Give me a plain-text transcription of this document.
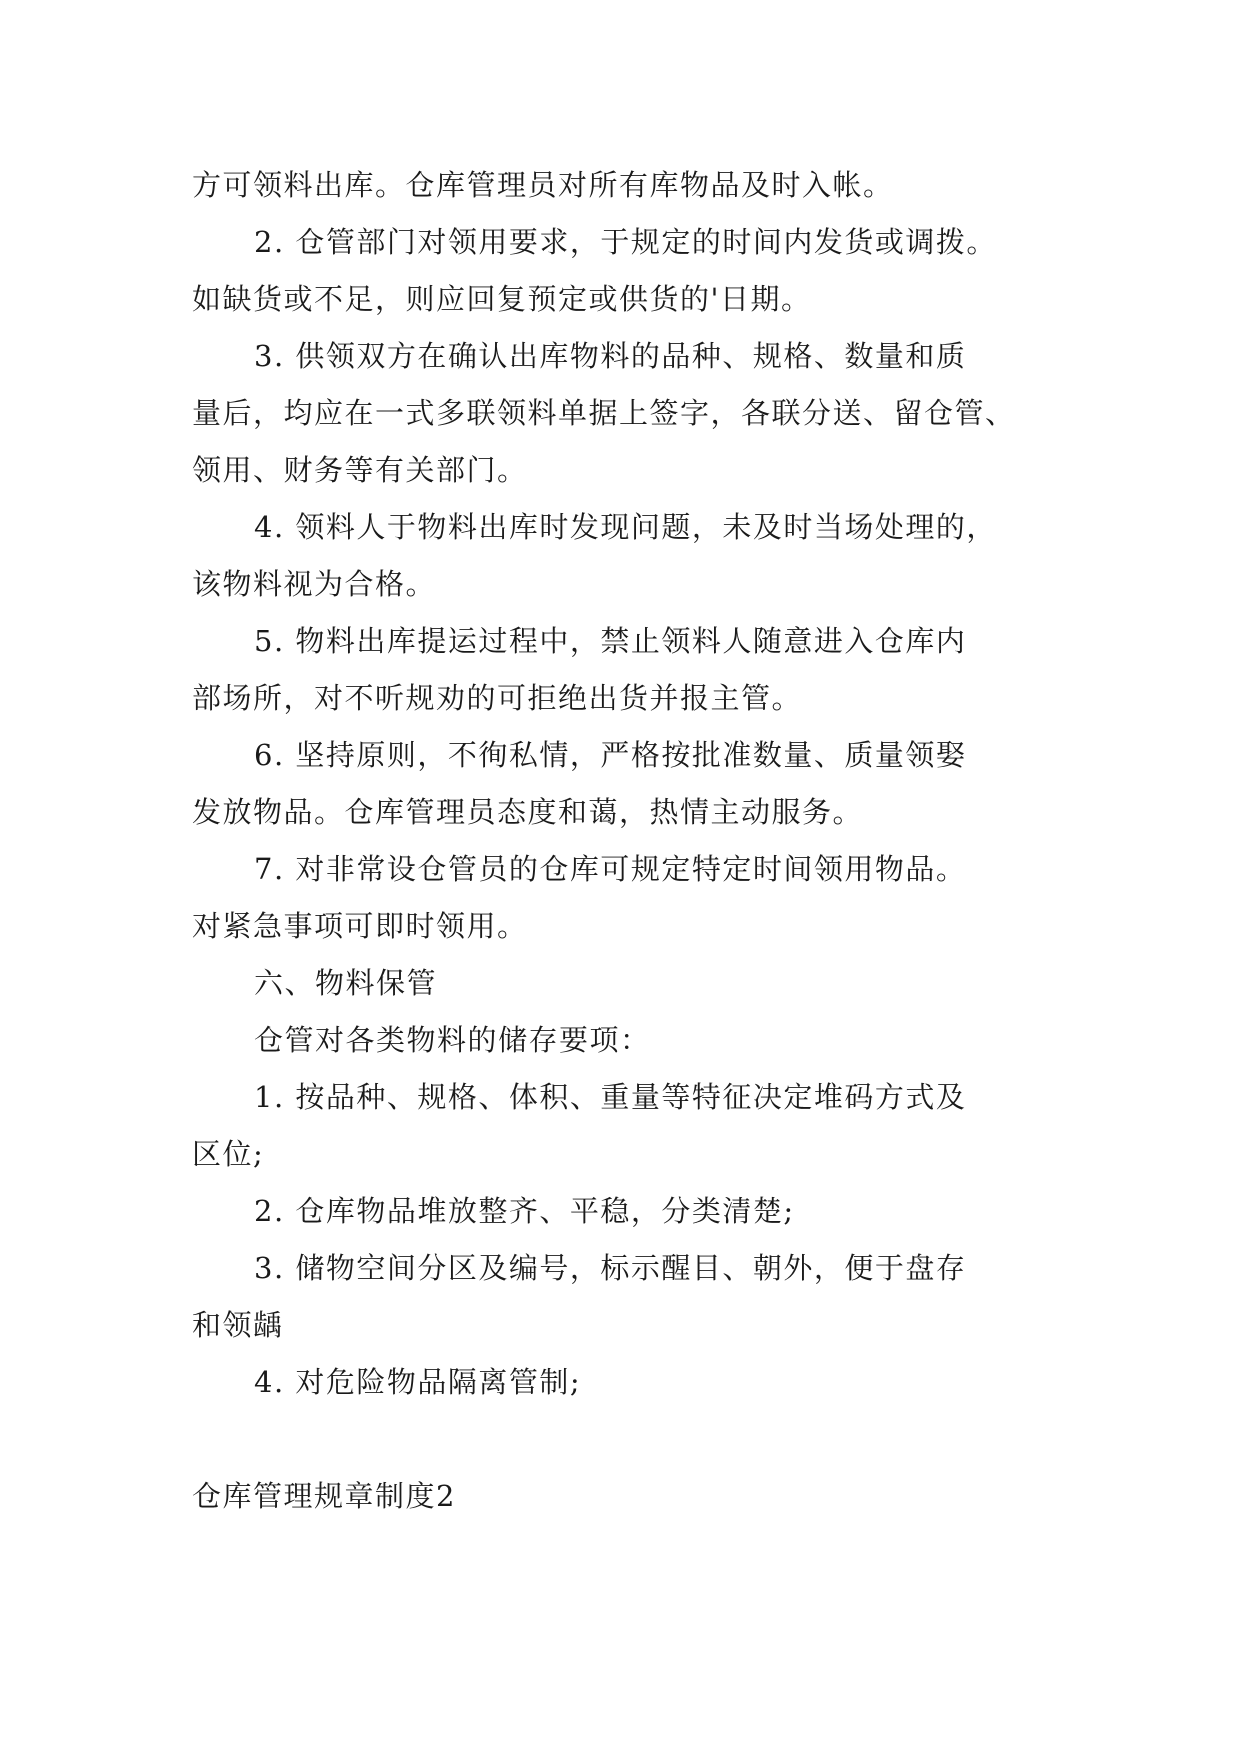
方可领料出库。仓库管理员对所有库物品及时入帐。
2. 仓管部门对领用要求，于规定的时间内发货或调拨。
如缺货或不足，则应回复预定或供货的'日期。
3. 供领双方在确认出库物料的品种、规格、数量和质
量后，均应在一式多联领料单据上签字，各联分送、留仓管、
领用、财务等有关部门。
4. 领料人于物料出库时发现问题，未及时当场处理的，
该物料视为合格。
5. 物料出库提运过程中，禁止领料人随意进入仓库内
部场所，对不听规劝的可拒绝出货并报主管。
6. 坚持原则，不徇私情，严格按批准数量、质量领娶
发放物品。仓库管理员态度和蔼，热情主动服务。
7. 对非常设仓管员的仓库可规定特定时间领用物品。
对紧急事项可即时领用。
六、物料保管
仓管对各类物料的储存要项：
1. 按品种、规格、体积、重量等特征决定堆码方式及
区位;
2. 仓库物品堆放整齐、平稳，分类清楚;
3. 储物空间分区及编号，标示醒目、朝外，便于盘存
和领龋
4. 对危险物品隔离管制;
仓库管理规章制度2
